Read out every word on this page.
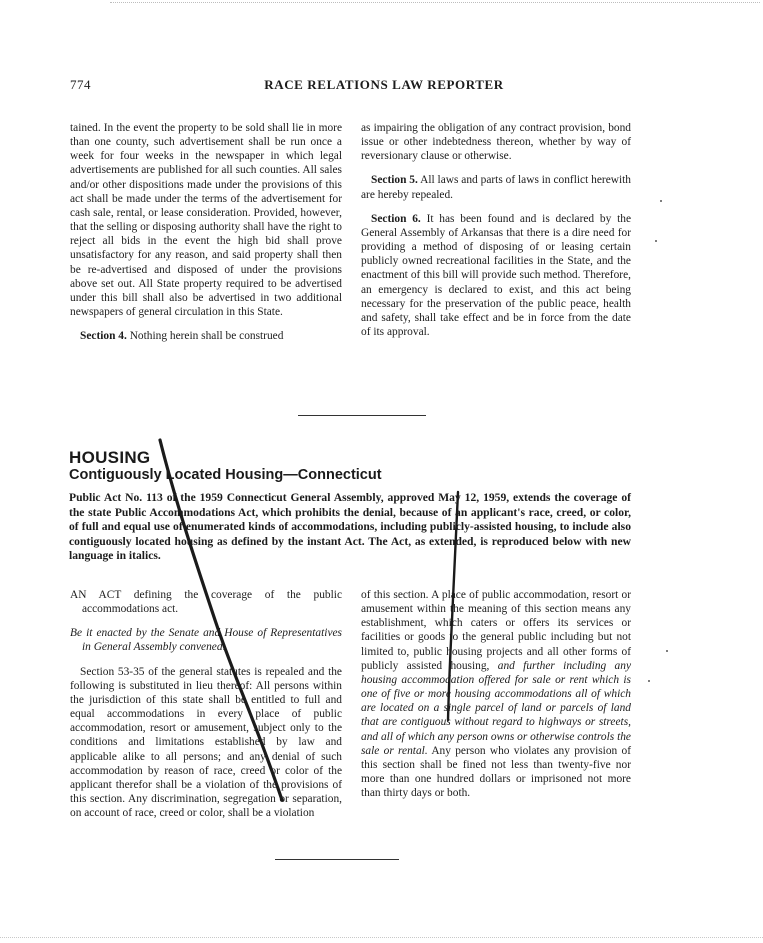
774	RACE RELATIONS LAW REPORTER

tained. In the event the property to be sold shall lie in more than one county, such advertisement shall be run once a week for four weeks in the newspaper in which legal advertisements are published for all such counties. All sales and/or other dispositions made under the provisions of this act shall be made under the terms of the advertisement for cash sale, rental, or lease consideration. Provided, however, that the selling or disposing authority shall have the right to reject all bids in the event the high bid shall prove unsatisfactory for any reason, and said property shall then be re-advertised and disposed of under the provisions above set out. All State property required to be advertised under this bill shall also be advertised in two additional newspapers of general circulation in this State.

Section 4. Nothing herein shall be construed

as impairing the obligation of any contract provision, bond issue or other indebtedness thereon, whether by way of reversionary clause or otherwise.

Section 5. All laws and parts of laws in conflict herewith are hereby repealed.

Section 6. It has been found and is declared by the General Assembly of Arkansas that there is a dire need for providing a method of disposing of or leasing certain publicly owned recreational facilities in the State, and the enactment of this bill will provide such method. Therefore, an emergency is declared to exist, and this act being necessary for the preservation of the public peace, health and safety, shall take effect and be in force from the date of its approval.

HOUSING
Contiguously Located Housing—Connecticut
Public Act No. 113 of the 1959 Connecticut General Assembly, approved May 12, 1959, extends the coverage of the state Public Accommodations Act, which prohibits the denial, because of an applicant's race, creed, or color, of full and equal use of enumerated kinds of accommodations, including publicly-assisted housing, to include also contiguously located housing as defined by the instant Act. The Act, as extended, is reproduced below with new language in italics.

AN ACT defining the coverage of the public accommodations act.

Be it enacted by the Senate and House of Representatives in General Assembly convened:

Section 53-35 of the general statutes is repealed and the following is substituted in lieu thereof: All persons within the jurisdiction of this state shall be entitled to full and equal accommodations in every place of public accommodation, resort or amusement, subject only to the conditions and limitations established by law and applicable alike to all persons; and any denial of such accommodation by reason of race, creed or color of the applicant therefor shall be a violation of the provisions of this section. Any discrimination, segregation or separation, on account of race, creed or color, shall be a violation

of this section. A place of public accommodation, resort or amusement within the meaning of this section means any establishment, which caters or offers its services or facilities or goods to the general public including but not limited to, public housing projects and all other forms of publicly assisted housing, and further including any housing accommodation offered for sale or rent which is one of five or more housing accommodations all of which are located on a single parcel of land or parcels of land that are contiguous without regard to highways or streets, and all of which any person owns or otherwise controls the sale or rental. Any person who violates any provision of this section shall be fined not less than twenty-five nor more than one hundred dollars or imprisoned not more than thirty days or both.
